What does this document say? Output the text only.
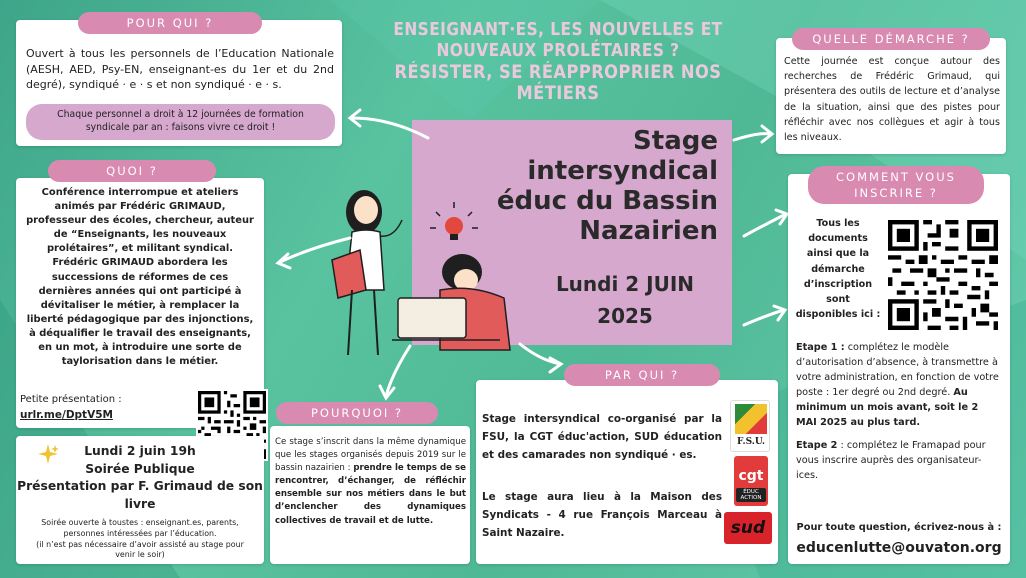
ENSEIGNANT·ES, LES NOUVELLES ET
NOUVEAUX PROLÉTAIRES ?
RÉSISTER, SE RÉAPPROPRIER NOS MÉTIERS
Ouvert à tous les personnels de l’Education Nationale (AESH, AED, Psy-EN, enseignant-es du 1er et du 2nd degré), syndiqué · e · s et non syndiqué · e · s.
Chaque personnel a droit à 12 journées de formation
syndicale par an : faisons vivre ce droit !
POUR QUI ?
Conférence interrompue et ateliers animés par Frédéric GRIMAUD, professeur des écoles, chercheur, auteur de “Enseignants, les nouveaux prolétaires”, et militant syndical. Frédéric GRIMAUD abordera les successions de réformes de ces dernières années qui ont participé à dévitaliser le métier, à remplacer la liberté pédagogique par des injonctions, à déqualifier le travail des enseignants, en un mot, à introduire une sorte de taylorisation dans le métier.
Petite présentation :
urlr.me/DptV5M
QUOI ?
Lundi 2 juin 19h
Soirée Publique
Présentation par F. Grimaud de son
livre
Soirée ouverte à toustes : enseignant.es, parents,
personnes intéressées par l’éducation.
(il n’est pas nécessaire d’avoir assisté au stage pour
venir le soir)
Stage
intersyndical
éduc du Bassin
Nazairien
Lundi 2 JUIN
2025
Ce stage s’inscrit dans la même dynamique que les stages organisés depuis 2019 sur le bassin nazairien : prendre le temps de se rencontrer, d’échanger, de réfléchir ensemble sur nos métiers dans le but d’enclencher des dynamiques collectives de travail et de lutte.
POURQUOI ?
Cette journée est conçue autour des recherches de Frédéric Grimaud, qui présentera des outils de lecture et d’analyse de la situation, ainsi que des pistes pour réfléchir avec nos collègues et agir à tous les niveaux.
QUELLE DÉMARCHE ?
Tous les
documents
ainsi que la
démarche
d’inscription
sont
disponibles ici :
Etape 1 : complétez le modèle d’autorisation d’absence, à transmettre à votre administration, en fonction de votre poste : 1er degré ou 2nd degré. Au minimum un mois avant, soit le 2 MAI 2025 au plus tard.
Etape 2 : complétez le Framapad pour vous inscrire auprès des organisateur-ices.
Pour toute question, écrivez-nous à :
educenlutte@ouvaton.org
COMMENT VOUS
INSCRIRE ?
Stage intersyndical co-organisé par la FSU, la CGT éduc'action, SUD éducation et des camarades non syndiqué · es.
Le stage aura lieu à la Maison des Syndicats - 4 rue François Marceau à Saint Nazaire.
F.S.U.
cgt
ÉDUC ACTION
sud
PAR QUI ?
